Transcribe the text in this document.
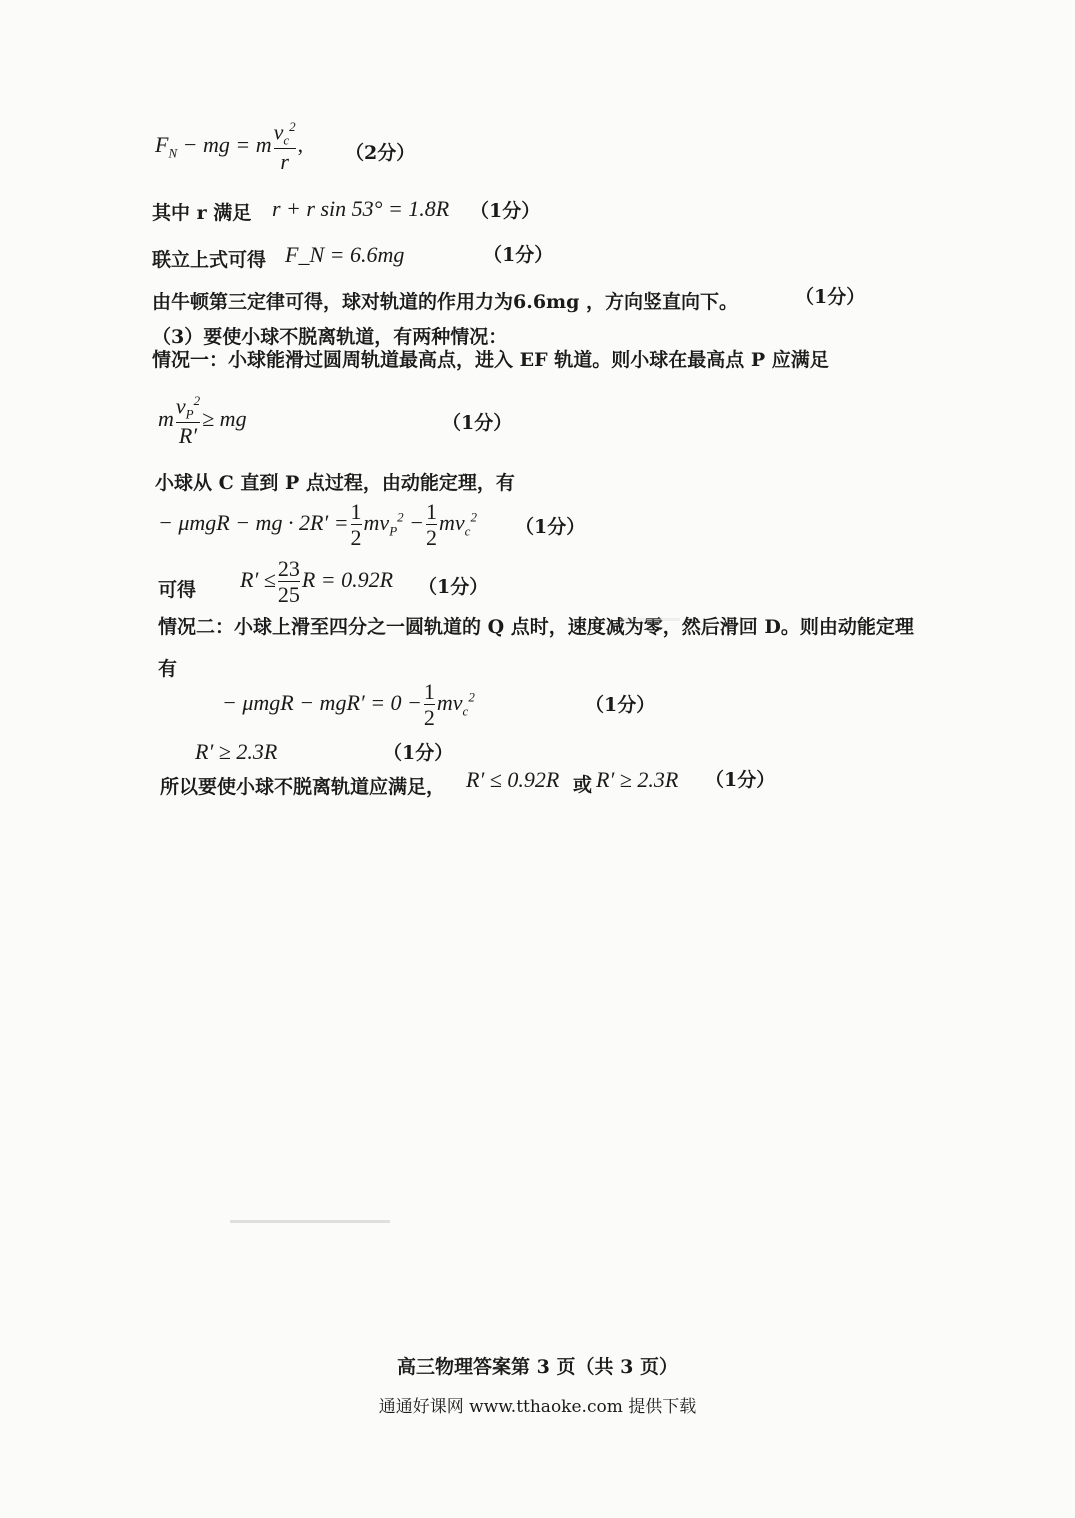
$F_N$ − mg = m $\frac{v_c^2}{r}$ , （2分）
其中 r 满足 r + r sin 53° = 1.8R （1分）
联立上式可得 F_N = 6.6mg	（1分）
由牛顿第三定律可得，球对轨道的作用力为6.6mg ，方向竖直向下。	（1分）
（3）要使小球不脱离轨道，有两种情况：
情况一：小球能滑过圆周轨道最高点，进入 EF 轨道。则小球在最高点 P 应满足
m $\frac{v_P^2}{R'}$ ≥ mg	（1分）
小球从 C 直到 P 点过程，由动能定理，有
− μmgR − mg · $2R' = \frac{1}{2} mv_P^2 - \frac{1}{2} mv_c^2$ （1分）
可得 $R' \le \frac{23}{25}$ R = 0.92R （1分）
情况二：小球上滑至四分之一圆轨道的 Q 点时，速度减为零，然后滑回 D。则由动能定理
有
− $\mu mgR - mgR' = 0 - \frac{1}{2} mv_c^2$	（1分）
R′ ≥ 2.3R	（1分）
所以要使小球不脱离轨道应满足， R′ ≤ 0.92R 或 R′ ≥ 2.3R （1分）
高三物理答案第 3 页（共 3 页）
通通好课网 www.tthaoke.com 提供下载
